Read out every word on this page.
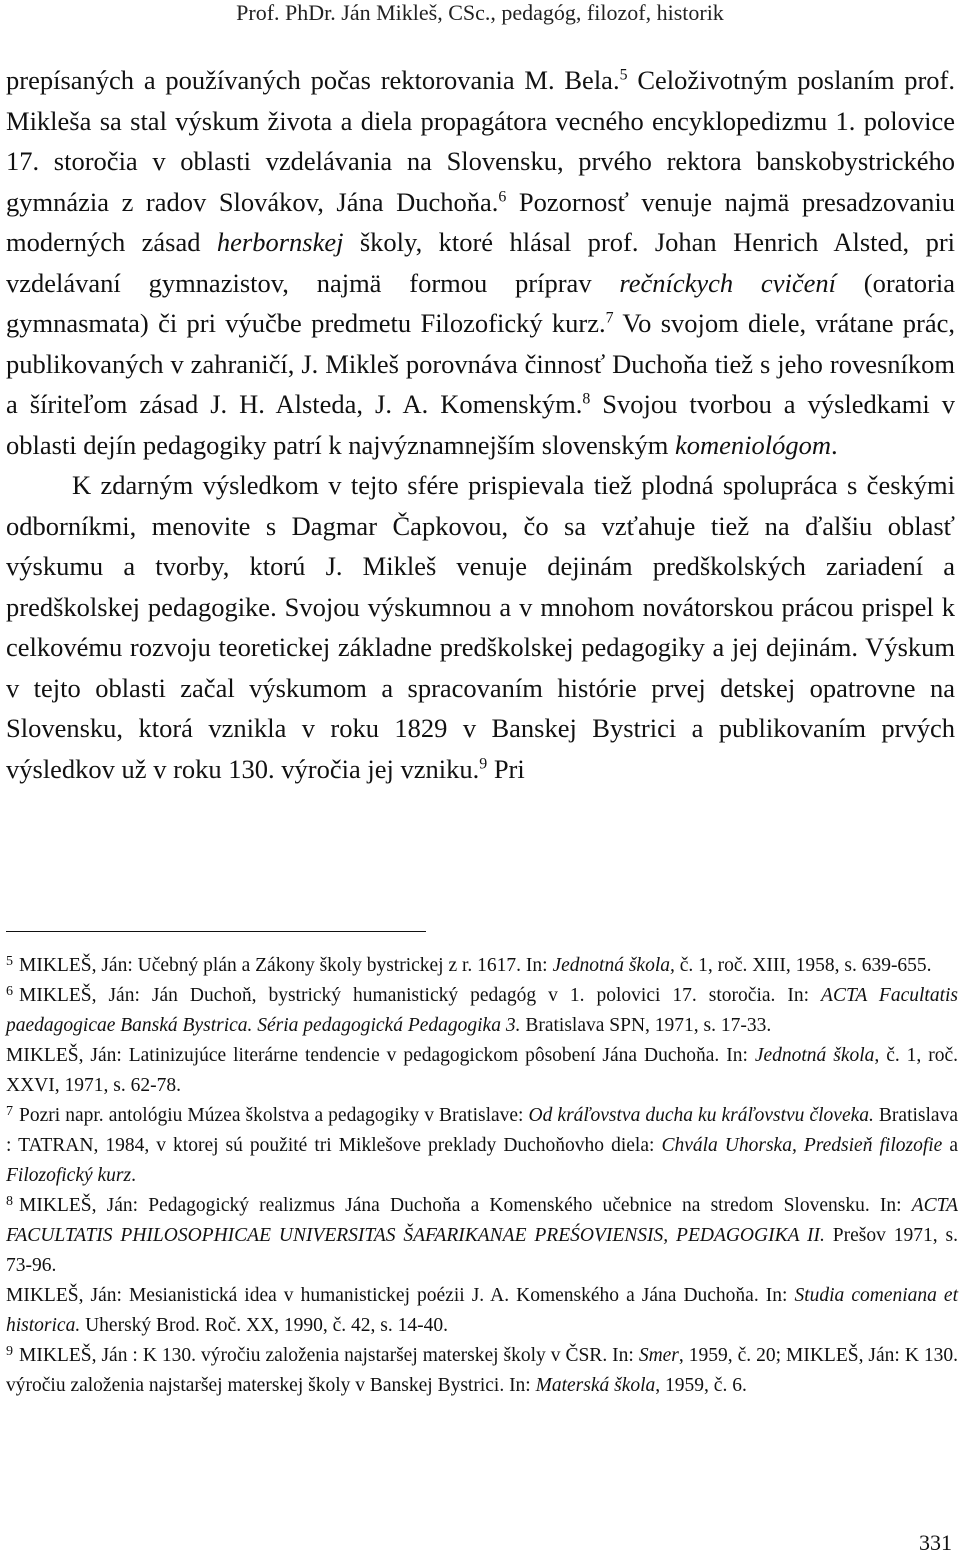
Prof. PhDr. Ján Mikleš, CSc., pedagóg, filozof, historik

prepísaných a používaných počas rektorovania M. Bela.$^5$ Celoživotným poslaním prof. Mikleša sa stal výskum života a diela propagátora vecného encyklopedizmu 1. polovice 17. storočia v oblasti vzdelávania na Slovensku, prvého rektora banskobystrického gymnázia z radov Slovákov, Jána Duchoňa.$^6$ Pozornosť venuje najmä presadzovaniu moderných zásad herbornskej školy, ktoré hlásal prof. Johan Henrich Alsted, pri vzdelávaní gymnazistov, najmä formou príprav rečníckych cvičení (oratoria gymnasmata) či pri výučbe predmetu Filozofický kurz.$^7$ Vo svojom diele, vrátane prác, publikovaných v zahraničí, J. Mikleš porovnáva činnosť Duchoňa tiež s jeho rovesníkom a šíriteľom zásad J. H. Alsteda, J. A. Komenským.$^8$ Svojou tvorbou a výsledkami v oblasti dejín pedagogiky patrí k najvýznamnejším slovenským komeniológom.

K zdarným výsledkom v tejto sfére prispievala tiež plodná spolupráca s českými odborníkmi, menovite s Dagmar Čapkovou, čo sa vzťahuje tiež na ďalšiu oblasť výskumu a tvorby, ktorú J. Mikleš venuje dejinám predškolských zariadení a predškolskej pedagogike. Svojou výskumnou a v mnohom novátorskou prácou prispel k celkovému rozvoju teoretickej základne predškolskej pedagogiky a jej dejinám. Výskum v tejto oblasti začal výskumom a spracovaním histórie prvej detskej opatrovne na Slovensku, ktorá vznikla v roku 1829 v Banskej Bystrici a publikovaním prvých výsledkov už v roku 130. výročia jej vzniku.$^9$ Pri

$^5$ MIKLEŠ, Ján: Učebný plán a Zákony školy bystrickej z r. 1617. In: Jednotná škola, č. 1, roč. XIII, 1958, s. 639-655.

$^6$ MIKLEŠ, Ján: Ján Duchoň, bystrický humanistický pedagóg v 1. polovici 17. storočia. In: ACTA Facultatis paedagogicae Banská Bystrica. Séria pedagogická Pedagogika 3. Bratislava SPN, 1971, s. 17-33.

MIKLEŠ, Ján: Latinizujúce literárne tendencie v pedagogickom pôsobení Jána Duchoňa. In: Jednotná škola, č. 1, roč. XXVI, 1971, s. 62-78.

$^7$ Pozri napr. antológiu Múzea školstva a pedagogiky v Bratislave: Od kráľovstva ducha ku kráľovstvu človeka. Bratislava : TATRAN, 1984, v ktorej sú použité tri Miklešove preklady Duchoňovho diela: Chvála Uhorska, Predsieň filozofie a Filozofický kurz.

$^8$ MIKLEŠ, Ján: Pedagogický realizmus Jána Duchoňa a Komenského učebnice na stredom Slovensku. In: ACTA FACULTATIS PHILOSOPHICAE UNIVERSITAS ŠAFARIKANAE PREŚOVIENSIS, PEDAGOGIKA II. Prešov 1971, s. 73-96.

MIKLEŠ, Ján: Mesianistická idea v humanistickej poézii J. A. Komenského a Jána Duchoňa. In: Studia comeniana et historica. Uherský Brod. Roč. XX, 1990, č. 42, s. 14-40.

$^9$ MIKLEŠ, Ján : K 130. výročiu založenia najstaršej materskej školy v ČSR. In: Smer, 1959, č. 20; MIKLEŠ, Ján: K 130. výročiu založenia najstaršej materskej školy v Banskej Bystrici. In: Materská škola, 1959, č. 6.

331
